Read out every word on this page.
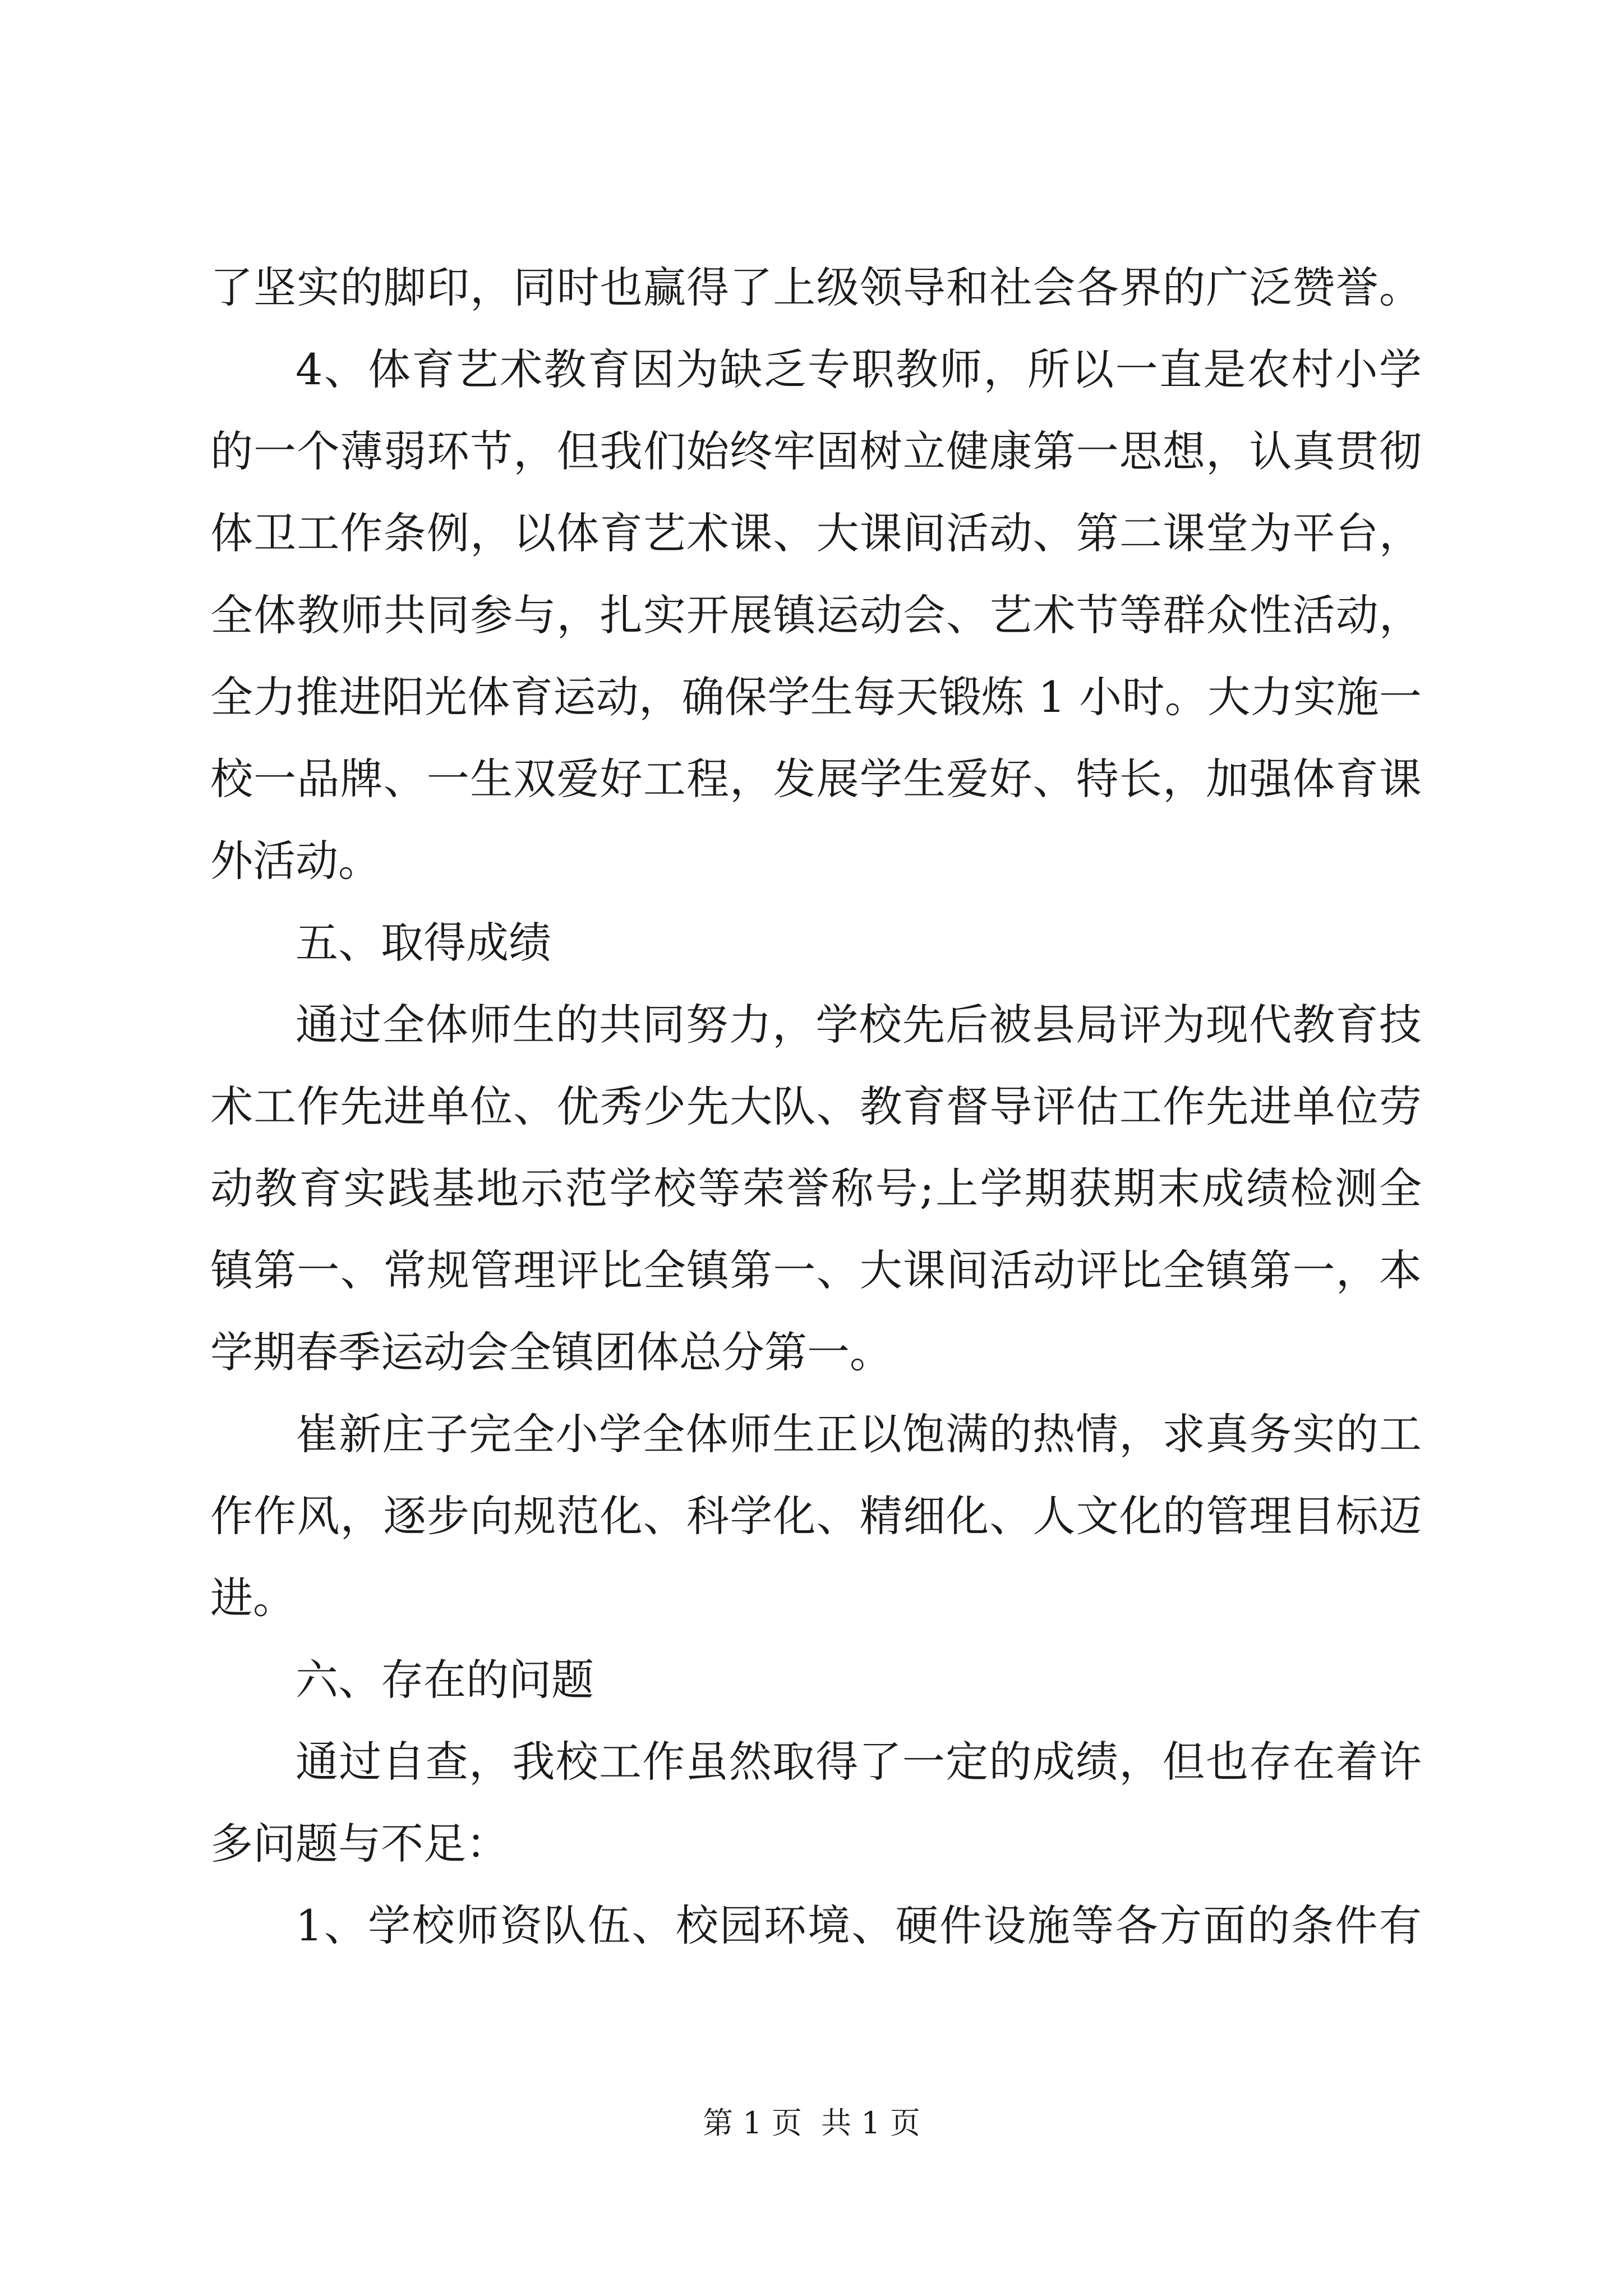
了坚实的脚印，同时也赢得了上级领导和社会各界的广泛赞誉。
4、体育艺术教育因为缺乏专职教师，所以一直是农村小学
的一个薄弱环节，但我们始终牢固树立健康第一思想，认真贯彻
体卫工作条例，以体育艺术课、大课间活动、第二课堂为平台，
全体教师共同参与，扎实开展镇运动会、艺术节等群众性活动，
全力推进阳光体育运动，确保学生每天锻炼 1 小时。大力实施一
校一品牌、一生双爱好工程，发展学生爱好、特长，加强体育课
外活动。
五、取得成绩
通过全体师生的共同努力，学校先后被县局评为现代教育技
术工作先进单位、优秀少先大队、教育督导评估工作先进单位劳
动教育实践基地示范学校等荣誉称号;上学期获期末成绩检测全
镇第一、常规管理评比全镇第一、大课间活动评比全镇第一，本
学期春季运动会全镇团体总分第一。
崔新庄子完全小学全体师生正以饱满的热情，求真务实的工
作作风，逐步向规范化、科学化、精细化、人文化的管理目标迈
进。
六、存在的问题
通过自查，我校工作虽然取得了一定的成绩，但也存在着许
多问题与不足：
1、学校师资队伍、校园环境、硬件设施等各方面的条件有
第 1 页  共 1 页
